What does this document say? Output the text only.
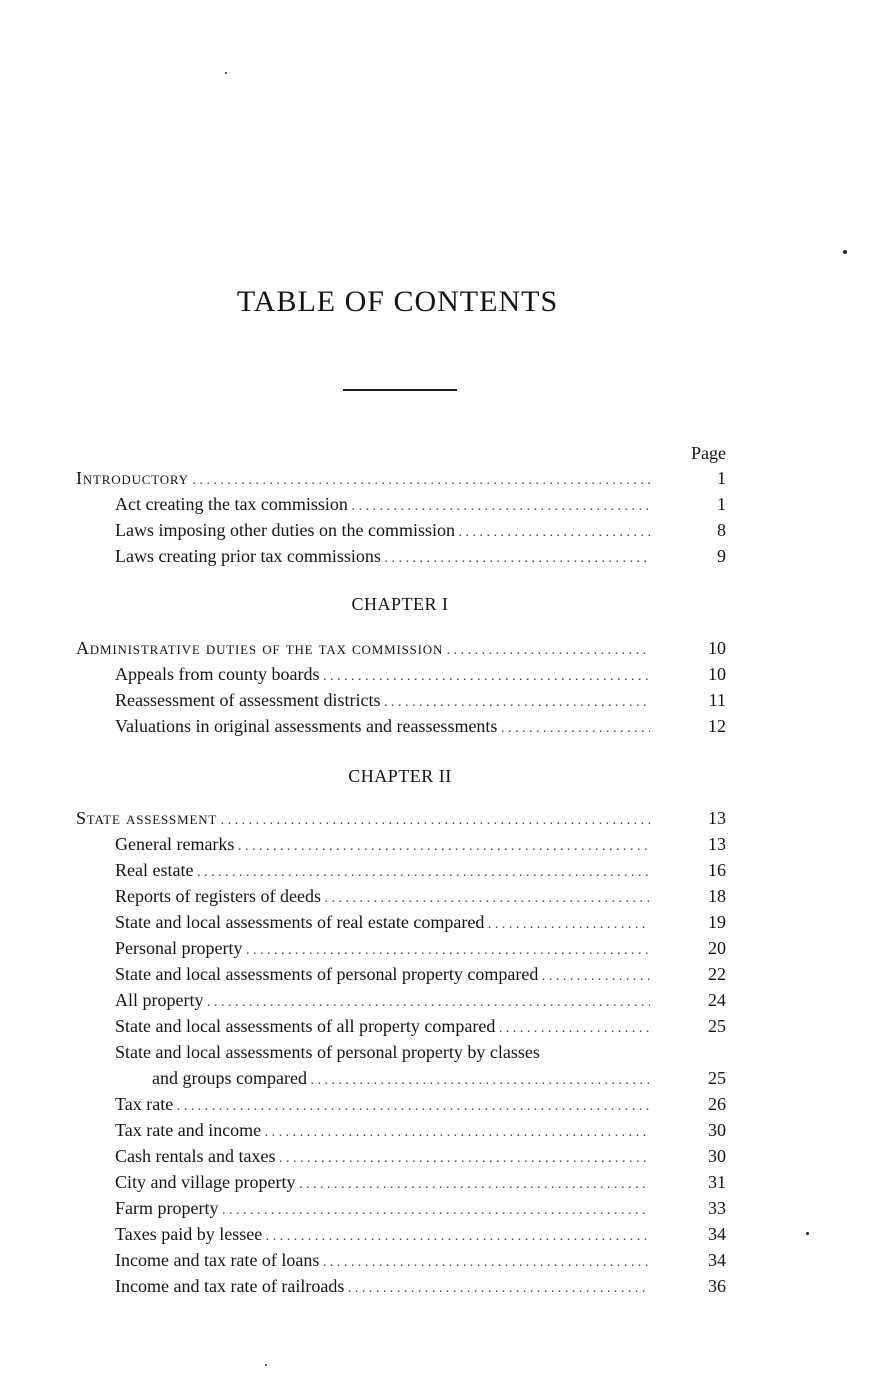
TABLE OF CONTENTS
Page
CHAPTER I
CHAPTER II
Introductory . . .	1
Act creating the tax commission . . .	1
Laws imposing other duties on the commission . . .	8
Laws creating prior tax commissions . . .	9
Administrative duties of the tax commission . . .	10
Appeals from county boards . . .	10
Reassessment of assessment districts . . .	11
Valuations in original assessments and reassessments . . .	12
State assessment . . .	13
General remarks . . .	13
Real estate . . .	16
Reports of registers of deeds . . .	18
State and local assessments of real estate compared . . .	19
Personal property . . .	20
State and local assessments of personal property compared . . .	22
All property . . .	24
State and local assessments of all property compared . . .	25
State and local assessments of personal property by classes
and groups compared . . .	25
Tax rate . . .	26
Tax rate and income . . .	30
Cash rentals and taxes . . .	30
City and village property . . .	31
Farm property . . .	33
Taxes paid by lessee . . .	34
Income and tax rate of loans . . .	34
Income and tax rate of railroads . . .	36
